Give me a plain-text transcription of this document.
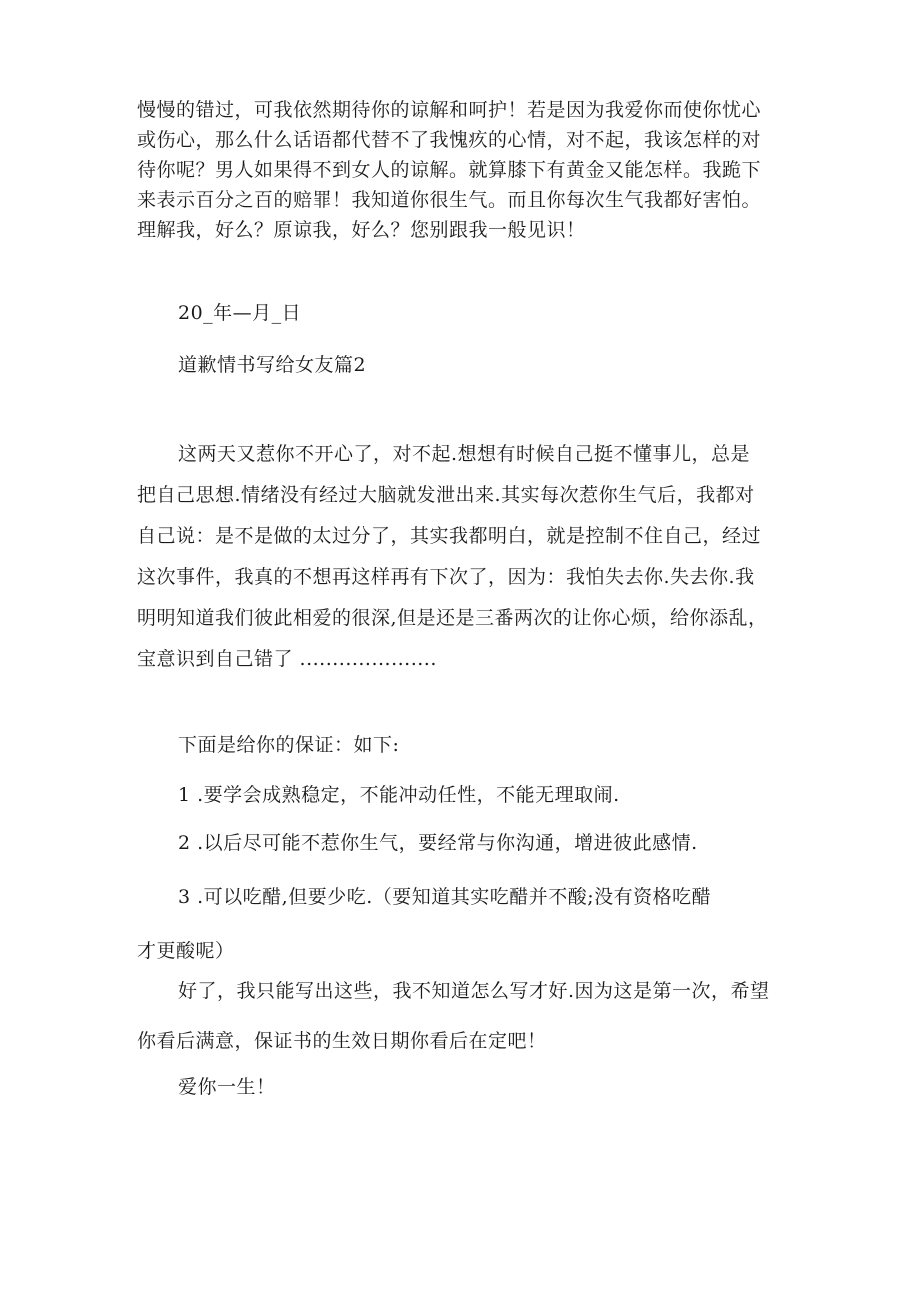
慢慢的错过，可我依然期待你的谅解和呵护！若是因为我爱你而使你忧心
或伤心，那么什么话语都代替不了我愧疚的心情，对不起，我该怎样的对
待你呢？男人如果得不到女人的谅解。就算膝下有黄金又能怎样。我跪下
来表示百分之百的赔罪！我知道你很生气。而且你每次生气我都好害怕。
理解我，好么？原谅我，好么？您别跟我一般见识！

20_年—月_日

道歉情书写给女友篇2

这两天又惹你不开心了，对不起.想想有时候自己挺不懂事儿，总是
把自己思想.情绪没有经过大脑就发泄出来.其实每次惹你生气后，我都对
自己说：是不是做的太过分了，其实我都明白，就是控制不住自己，经过
这次事件，我真的不想再这样再有下次了，因为：我怕失去你.失去你.我
明明知道我们彼此相爱的很深,但是还是三番两次的让你心烦，给你添乱，
宝意识到自己错了 .....................

下面是给你的保证：如下:

1 .要学会成熟稳定，不能冲动任性，不能无理取闹.

2 .以后尽可能不惹你生气，要经常与你沟通，增进彼此感情.

3 .可以吃醋,但要少吃.（要知道其实吃醋并不酸;没有资格吃醋
才更酸呢）
好了，我只能写出这些，我不知道怎么写才好.因为这是第一次，希望
你看后满意，保证书的生效日期你看后在定吧！

爱你一生！
